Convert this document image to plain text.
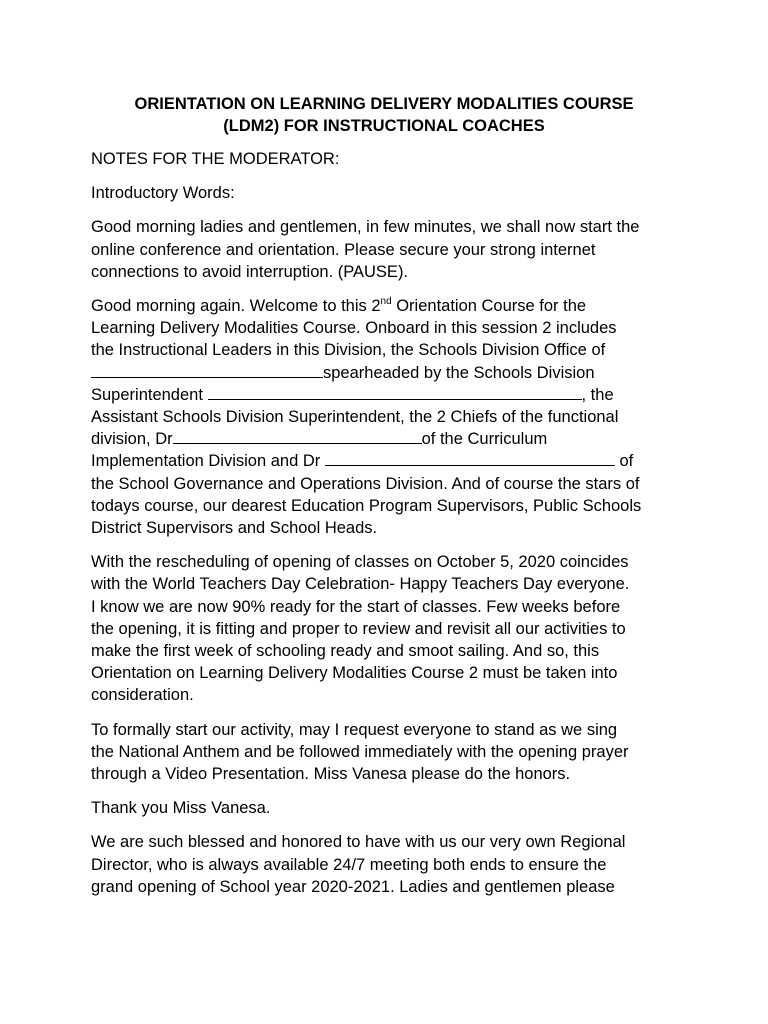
ORIENTATION ON LEARNING DELIVERY MODALITIES COURSE
(LDM2) FOR INSTRUCTIONAL COACHES

NOTES FOR THE MODERATOR:

Introductory Words:

Good morning ladies and gentlemen, in few minutes, we shall now start the
online conference and orientation. Please secure your strong internet
connections to avoid interruption. (PAUSE).

Good morning again. Welcome to this 2nd Orientation Course for the
Learning Delivery Modalities Course. Onboard in this session 2 includes
the Instructional Leaders in this Division, the Schools Division Office of
spearheaded by the Schools Division
Superintendent	, the
Assistant Schools Division Superintendent, the 2 Chiefs of the functional
division, Dr	of the Curriculum
Implementation Division and Dr	of
the School Governance and Operations Division. And of course the stars of
todays course, our dearest Education Program Supervisors, Public Schools
District Supervisors and School Heads.

With the rescheduling of opening of classes on October 5, 2020 coincides
with the World Teachers Day Celebration- Happy Teachers Day everyone.
I know we are now 90% ready for the start of classes. Few weeks before
the opening, it is fitting and proper to review and revisit all our activities to
make the first week of schooling ready and smoot sailing. And so, this
Orientation on Learning Delivery Modalities Course 2 must be taken into
consideration.

To formally start our activity, may I request everyone to stand as we sing
the National Anthem and be followed immediately with the opening prayer
through a Video Presentation. Miss Vanesa please do the honors.

Thank you Miss Vanesa.

We are such blessed and honored to have with us our very own Regional
Director, who is always available 24/7 meeting both ends to ensure the
grand opening of School year 2020-2021. Ladies and gentlemen please
